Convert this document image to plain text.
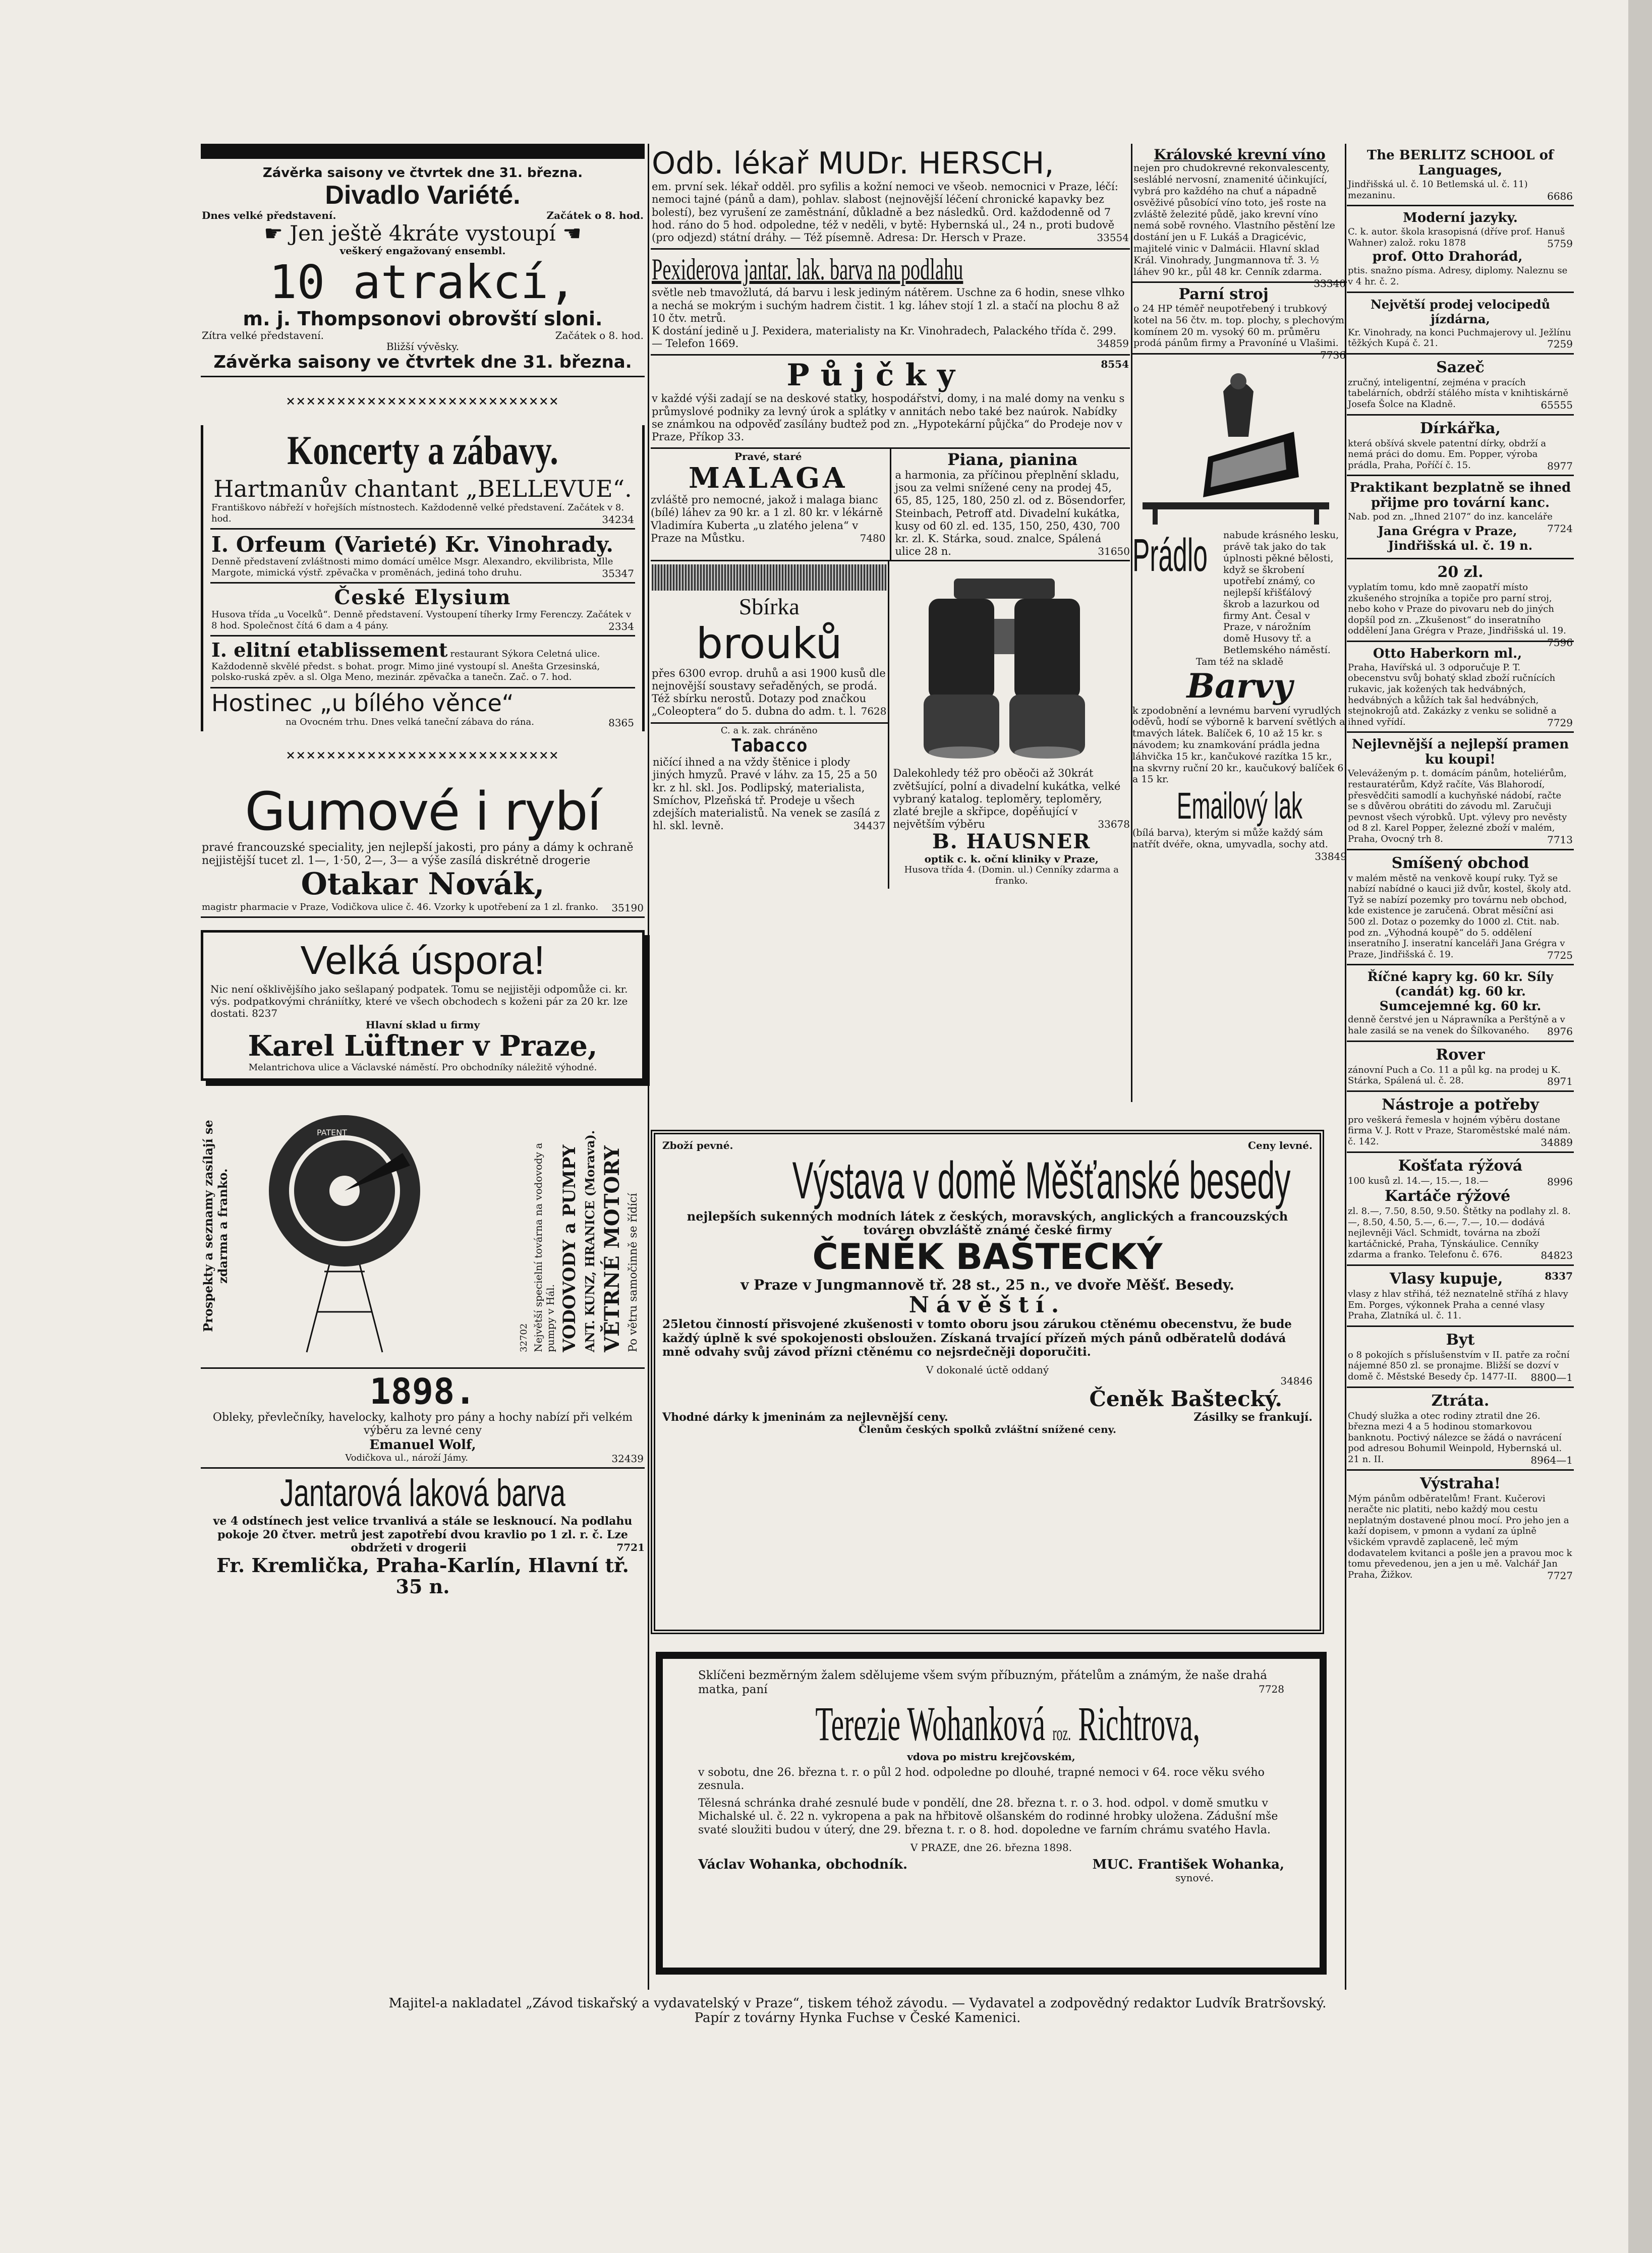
Závěrka saisony ve čtvrtek dne 31. března.

Divadlo Variété.

Dnes velké představení.	Začátek o 8. hod.

☛ Jen ještě 4kráte vystoupí ☚

veškerý engažovaný ensembl.

10 atrakcí,

m. j. Thompsonovi obrovští sloni.

Zítra velké představení.	Začátek o 8. hod.

Bližší vývěsky.

Závěrka saisony ve čtvrtek dne 31. března.

×××××××××××××××××××××××××××

Koncerty a zábavy.

Hartmanův chantant „BELLEVUE“.

Františkovo nábřeží v hořejších místnostech. Každodenně velké představení. Začátek v 8. hod.	34234

I. Orfeum (Varieté) Kr. Vinohrady.

Denně představení zvláštnosti mimo domácí umělce Msgr. Alexandro, ekvilibrista, Mlle Margote, mimická výstř. zpěvačka v proměnách, jediná toho druhu.	35347

České Elysium

Husova třída „u Vocelků“. Denně představení. Vystoupení tíherky Irmy Ferenczy. Začátek v 8 hod. Společnost čítá 6 dam a 4 pány.	2334

I. elitní etablissement restaurant Sýkora Celetná ulice.

Každodenně skvělé předst. s bohat. progr. Mimo jiné vystoupí sl. Anešta Grzesinská, polsko-ruská zpěv. a sl. Olga Meno, mezinár. zpěvačka a tanečn. Zač. o 7. hod.

Hostinec „u bílého věnce“

na Ovocném trhu. Dnes velká taneční zábava do rána.	8365

×××××××××××××××××××××××××××

Gumové i rybí

pravé francouzské speciality, jen nejlepší jakosti, pro pány a dámy k ochraně nejjistější tucet zl. 1—, 1·50, 2—, 3— a výše zasílá diskrétně drogerie

Otakar Novák,

magistr pharmacie v Praze, Vodičkova ulice č. 46. Vzorky k upotřebení za 1 zl. franko. 35190

Velká úspora!

Nic není ošklivějšího jako sešlapaný podpatek. Tomu se nejjistěji odpomůže ci. kr. výs. podpatkovými chrániítky, které ve všech obchodech s koženi pár za 20 kr. lze dostati. 8237

Hlavní sklad u firmy

Karel Lüftner v Praze,

Melantrichova ulice a Václavské náměstí. Pro obchodníky náležitě výhodné.

Prospekty a seznamy zasílají se zdarma a franko.
PATENT
Po větru samočinně se řídící
VĚTRNÉ MOTORY
ANT. KUNZ, HRANICE (Morava).
VODOVODY a PUMPY
Největší specielní továrna na vodovody a pumpy v Hál.
32702

1898.

Obleky, převlečníky, havelocky, kalhoty pro pány a hochy nabízí při velkém výběru za levné ceny

Emanuel Wolf,

Vodičkova ul., nároží Jámy.	32439

Jantarová laková barva

ve 4 odstínech jest velice trvanlivá a stále se lesknoucí. Na podlahu pokoje 20 čtver. metrů jest zapotřebí dvou kravlio po 1 zl. r. č. Lze obdržeti v drogerii	7721

Fr. Kremlička, Praha-Karlín, Hlavní tř. 35 n.

Odb. lékař MUDr. HERSCH,

em. první sek. lékař odděl. pro syfilis a kožní nemoci ve všeob. nemocnici v Praze, léčí: nemoci tajné (pánů a dam), pohlav. slabost (nejnovější léčení chronické kapavky bez bolestí), bez vyrušení ze zaměstnání, důkladně a bez následků. Ord. každodenně od 7 hod. ráno do 5 hod. odpoledne, též v neděli, v bytě: Hybernská ul., 24 n., proti budově (pro odjezd) státní dráhy. — Též písemně. Adresa: Dr. Hersch v Praze.	33554

Pexiderova jantar. lak. barva na podlahu

světle neb tmavožlutá, dá barvu i lesk jediným nátěrem. Uschne za 6 hodin, snese vlhko a nechá se mokrým i suchým hadrem čistit. 1 kg. láhev stojí 1 zl. a stačí na plochu 8 až 10 čtv. metrů.

K dostání jedině u J. Pexidera, materialisty na Kr. Vinohradech, Palackého třída č. 299. — Telefon 1669.	34859

Půjčky	8554

v každé výši zadají se na deskové statky, hospodářství, domy, i na malé domy na venku s průmyslové podniky za levný úrok a splátky v annitách nebo také bez naúrok. Nabídky se známkou na odpověď zasílány budtež pod zn. „Hypotekární půjčka“ do Prodeje nov v Praze, Příkop 33.

Pravé, staré

MALAGA

zvláště pro nemocné, jakož i malaga bianc (bílé) láhev za 90 kr. a 1 zl. 80 kr. v lékárně Vladimíra Kuberta „u zlatého jelena“ v Praze na Můstku.	7480

Piana, pianina

a harmonia, za příčinou přeplnění skladu, jsou za velmi snížené ceny na prodej 45, 65, 85, 125, 180, 250 zl. od z. Bösendorfer, Steinbach, Petroff atd. Divadelní kukátka, kusy od 60 zl. ed. 135, 150, 250, 430, 700 kr. zl. K. Stárka, soud. znalce, Spálená ulice 28 n.	31650

Sbírka

brouků

přes 6300 evrop. druhů a asi 1900 kusů dle nejnovější soustavy seřaděných, se prodá. Též sbírku nerostů. Dotazy pod značkou „Coleoptera“ do 5. dubna do adm. t. l. 7628

C. a k. zak. chráněno

Tabacco

ničící ihned a na vždy štěnice i plody jiných hmyzů. Pravé v láhv. za 15, 25 a 50 kr. z hl. skl. Jos. Podlipský, materialista, Smíchov, Plzeňská tř. Prodeje u všech zdejších materialistů. Na venek se zasílá z hl. skl. levně.	34437

Dalekohledy též pro oběoči až 30krát zvětšující, polní a divadelní kukátka, velké vybraný katalog. teploměry, teploměry, zlaté brejle a skřipce, dopěňující v největším výběru	33678

B. HAUSNER

optik c. k. oční kliniky v Praze,

Husova třída 4. (Domin. ul.) Cenníky zdarma a franko.

Královské krevní víno

nejen pro chudokrevné rekonvalescenty, sesláblé nervosní, znamenité účinkující, vybrá pro každého na chuť a nápadně osvěživé působící víno toto, ješ roste na zvláště železité půdě, jako krevní víno nemá sobě rovného. Vlastního pěstění lze dostání jen u F. Lukáš a Dragicévic, majitelé vinic v Dalmácii. Hlavní sklad Král. Vinohrady, Jungmannova tř. 3. ½ láhev 90 kr., půl 48 kr. Cenník zdarma.
33340

Parní stroj

o 24 HP téměř neupotřebený i trubkový kotel na 56 čtv. m. top. plochy, s plechovým komínem 20 m. vysoký 60 m. průměru prodá pánům firmy a Pravoníné u Vlašimi.
7736

Prádlo nabude krásného lesku, právě tak jako do tak úplnosti pěkné bělosti, když se škrobení upotřebí známý, co nejlepší křišťálový škrob a lazurkou od firmy Ant. Česal v Praze, v nárožním domě Husovy tř. a Betlemského náměstí.

Tam též na skladě

Barvy

k zpodobnění a levnému barvení vyrudlých oděvů, hodí se výborně k barvení světlých a tmavých látek. Balíček 6, 10 až 15 kr. s návodem; ku znamkování prádla jedna láhvička 15 kr., kančukové razítka 15 kr., na skvrny ruční 20 kr., kaučukový balíček 6 a 15 kr.

Emailový lak

(bílá barva), kterým si může každý sám natřít dvéře, okna, umyvadla, sochy atd.
33849

Zboží pevné.	Ceny levné.

Výstava v domě Měšťanské besedy

nejlepších sukenných modních látek z českých, moravských, anglických a francouzských továren obvzláště známé české firmy

ČENĚK BAŠTECKÝ

v Praze v Jungmannově tř. 28 st., 25 n., ve dvoře Měšť. Besedy.

Návěští.

25letou činností přisvojené zkušenosti v tomto oboru jsou zárukou ctěnému obecenstvu, že bude každý úplně k své spokojenosti obsloužen. Získaná trvající přízeň mých pánů odběratelů dodává mně odvahy svůj závod přízni ctěnému co nejsrdečněji doporučiti.

V dokonalé úctě oddaný

34846

Čeněk Baštecký.

Vhodné dárky k jmeninám za nejlevnější ceny.	Zásilky se frankují.

Členům českých spolků zvláštní snížené ceny.

Sklíčeni bezměrným žalem sdělujeme všem svým příbuzným, přátelům a známým, že naše drahá matka, paní	7728

Terezie Wohanková roz. Richtrova,

vdova po mistru krejčovském,

v sobotu, dne 26. března t. r. o půl 2 hod. odpoledne po dlouhé, trapné nemoci v 64. roce věku svého zesnula.

Tělesná schránka drahé zesnulé bude v pondělí, dne 28. března t. r. o 3. hod. odpol. v domě smutku v Michalské ul. č. 22 n. vykropena a pak na hřbitově olšanském do rodinné hrobky uložena. Zádušní mše svaté sloužiti budou v úterý, dne 29. března t. r. o 8. hod. dopoledne ve farním chrámu svatého Havla.

V PRAZE, dne 26. března 1898.

Václav Wohanka, obchodník.	MUC. František Wohanka,

synové.

The BERLITZ SCHOOL of Languages,

Jindřišská ul. č. 10 Betlemská ul. č. 11) mezaninu.	6686

Moderní jazyky.

C. k. autor. škola krasopisná (dříve prof. Hanuš Wahner) založ. roku 1878	5759

prof. Otto Drahorád,

ptis. snažno písma. Adresy, diplomy. Naleznu se v 4 hr. č. 2.

Největší prodej velocipedů jízdárna,

Kr. Vinohrady, na konci Puchmajerovy ul. Ježlínu těžkých Kupá č. 21.	7259

Sazeč

zručný, inteligentní, zejména v pracích tabelárních, obdrží stálého místa v knihtiskárně Josefa Šolce na Kladně.	65555

Dírkářka,

která obšívá skvele patentní dírky, obdrží a nemá práci do domu. Em. Popper, výroba prádla, Praha, Poříčí č. 15.	8977

Praktikant bezplatně se ihned přijme pro tovární kanc.

Nab. pod zn. „Ihned 2107“ do inz. kanceláře
7724

Jana Grégra v Praze, Jindřišská ul. č. 19 n.

20 zl.

vyplatím tomu, kdo mně zaopatří místo zkušeného strojníka a topiče pro parní stroj, nebo koho v Praze do pivovaru neb do jiných dopšíl pod zn. „Zkušenost“ do inseratního oddělení Jana Grégra v Praze, Jindřišská ul. 19.
7596

Otto Haberkorn ml.,

Praha, Havířská ul. 3 odporučuje P. T. obecenstvu svůj bohatý sklad zboží ručnících rukavic, jak kožených tak hedvábných, hedvábných a kůžích tak šal hedvábných, stejnokrojů atd. Zakázky z venku se solidně a ihned vyřídí.	7729

Nejlevnější a nejlepší pramen ku koupi!

Veleváženým p. t. domácím pánům, hoteliérům, restauratérům, Když račíte, Vás Blahorodí, přesvědčiti samodlí a kuchyňské nádobí, račte se s důvěrou obrátiti do závodu ml. Zaručuji pevnost všech výrobků. Upt. výlevy pro nevěsty od 8 zl. Karel Popper, železné zboží v malém, Praha, Ovocný trh 8.	7713

Smíšený obchod

v malém městě na venkově koupí ruky. Tyž se nabízí nabídné o kauci již dvůr, kostel, školy atd. Tyž se nabízí pozemky pro továrnu neb obchod, kde existence je zaručená. Obrat měsíční asi 500 zl. Dotaz o pozemky do 1000 zl. Ctit. nab. pod zn. „Výhodná koupě“ do 5. oddělení inseratního J. inseratní kanceláři Jana Grégra v Praze, Jindřišská č. 19.	7725

Říčné kapry kg. 60 kr. Síly (candát) kg. 60 kr. Sumcejemné kg. 60 kr.

denně čerstvé jen u Náprawníka a Perštýně a v hale zasilá se na venek do Šílkovaného. 8976

Rover

zánovní Puch a Co. 11 a půl kg. na prodej u K. Stárka, Spálená ul. č. 28.	8971

Nástroje a potřeby

pro veškerá řemesla v hojném výběru dostane firma V. J. Rott v Praze, Staroměstské malé nám. č. 142.	34889

Košťata rýžová

100 kusů zl. 14.—, 15.—, 18.—	8996

Kartáče rýžové

zl. 8.—, 7.50, 8.50, 9.50. Štětky na podlahy zl. 8.—, 8.50, 4.50, 5.—, 6.—, 7.—, 10.— dodává nejlevněji Václ. Schmidt, továrna na zboží kartáčnické, Praha, Týnskáulice. Cenníky zdarma a franko. Telefonu č. 676.	84823

Vlasy kupuje,	8337

vlasy z hlav střihá, též neznatelně stříhá z hlavy Em. Porges, výkonnek Praha a cenné vlasy Praha, Zlatníká ul. č. 11.

Byt

o 8 pokojích s příslušenstvím v II. patře za roční nájemné 850 zl. se pronajme. Bližší se dozví v domě č. Městské Besedy čp. 1477-II. 8800—1

Ztráta.

Chudý služka a otec rodiny ztratil dne 26. března mezi 4 a 5 hodinou stomarkovou banknotu. Poctivý nálezce se žádá o navrácení pod adresou Bohumil Weinpold, Hybernská ul. 21 n. II.	8964—1

Výstraha!

Mým pánům odběratelům! Frant. Kučerovi neračte nic platiti, nebo každý mou cestu neplatným dostavené plnou mocí. Pro jeho jen a kaží dopisem, v pmonn a vydaní za úplně všickém vpravdě zaplaceně, leč mým dodavatelem kvitanci a pošle jen a pravou moc k tomu převedenou, jen a jen u mě. Valchář Jan Praha, Žižkov.	7727

Majitel-a nakladatel „Závod tiskařský a vydavatelský v Praze“, tiskem téhož závodu. — Vydavatel a zodpovědný redaktor Ludvík Bratršovský.

Papír z továrny Hynka Fuchse v České Kamenici.
